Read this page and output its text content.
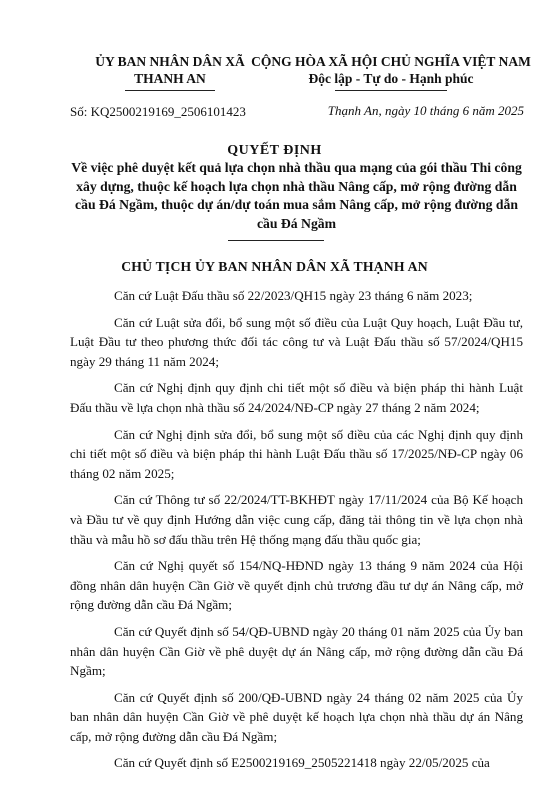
ỦY BAN NHÂN DÂN XÃ
THANH AN
CỘNG HÒA XÃ HỘI CHỦ NGHĨA VIỆT NAM
Độc lập - Tự do - Hạnh phúc
Số: KQ2500219169_2506101423	Thạnh An, ngày 10 tháng 6 năm 2025
QUYẾT ĐỊNH
Về việc phê duyệt kết quả lựa chọn nhà thầu qua mạng của gói thầu Thi công xây dựng, thuộc kế hoạch lựa chọn nhà thầu Nâng cấp, mở rộng đường dẫn cầu Đá Ngầm, thuộc dự án/dự toán mua sắm Nâng cấp, mở rộng đường dẫn cầu Đá Ngầm
CHỦ TỊCH ỦY BAN NHÂN DÂN XÃ THẠNH AN

Căn cứ Luật Đấu thầu số 22/2023/QH15 ngày 23 tháng 6 năm 2023;

Căn cứ Luật sửa đổi, bổ sung một số điều của Luật Quy hoạch, Luật Đầu tư, Luật Đầu tư theo phương thức đối tác công tư và Luật Đấu thầu số 57/2024/QH15 ngày 29 tháng 11 năm 2024;

Căn cứ Nghị định quy định chi tiết một số điều và biện pháp thi hành Luật Đấu thầu về lựa chọn nhà thầu số 24/2024/NĐ-CP ngày 27 tháng 2 năm 2024;

Căn cứ Nghị định sửa đổi, bổ sung một số điều của các Nghị định quy định chi tiết một số điều và biện pháp thi hành Luật Đấu thầu số 17/2025/NĐ-CP ngày 06 tháng 02 năm 2025;

Căn cứ Thông tư số 22/2024/TT-BKHĐT ngày 17/11/2024 của Bộ Kế hoạch và Đầu tư về quy định Hướng dẫn việc cung cấp, đăng tải thông tin về lựa chọn nhà thầu và mẫu hồ sơ đấu thầu trên Hệ thống mạng đấu thầu quốc gia;

Căn cứ Nghị quyết số 154/NQ-HĐND ngày 13 tháng 9 năm 2024 của Hội đồng nhân dân huyện Cần Giờ về quyết định chủ trương đầu tư dự án Nâng cấp, mở rộng đường dẫn cầu Đá Ngầm;

Căn cứ Quyết định số 54/QĐ-UBND ngày 20 tháng 01 năm 2025 của Ủy ban nhân dân huyện Cần Giờ về phê duyệt dự án Nâng cấp, mở rộng đường dẫn cầu Đá Ngầm;

Căn cứ Quyết định số 200/QĐ-UBND ngày 24 tháng 02 năm 2025 của Ủy ban nhân dân huyện Cần Giờ về phê duyệt kế hoạch lựa chọn nhà thầu dự án Nâng cấp, mở rộng đường dẫn cầu Đá Ngầm;

Căn cứ Quyết định số E2500219169_2505221418 ngày 22/05/2025 của
